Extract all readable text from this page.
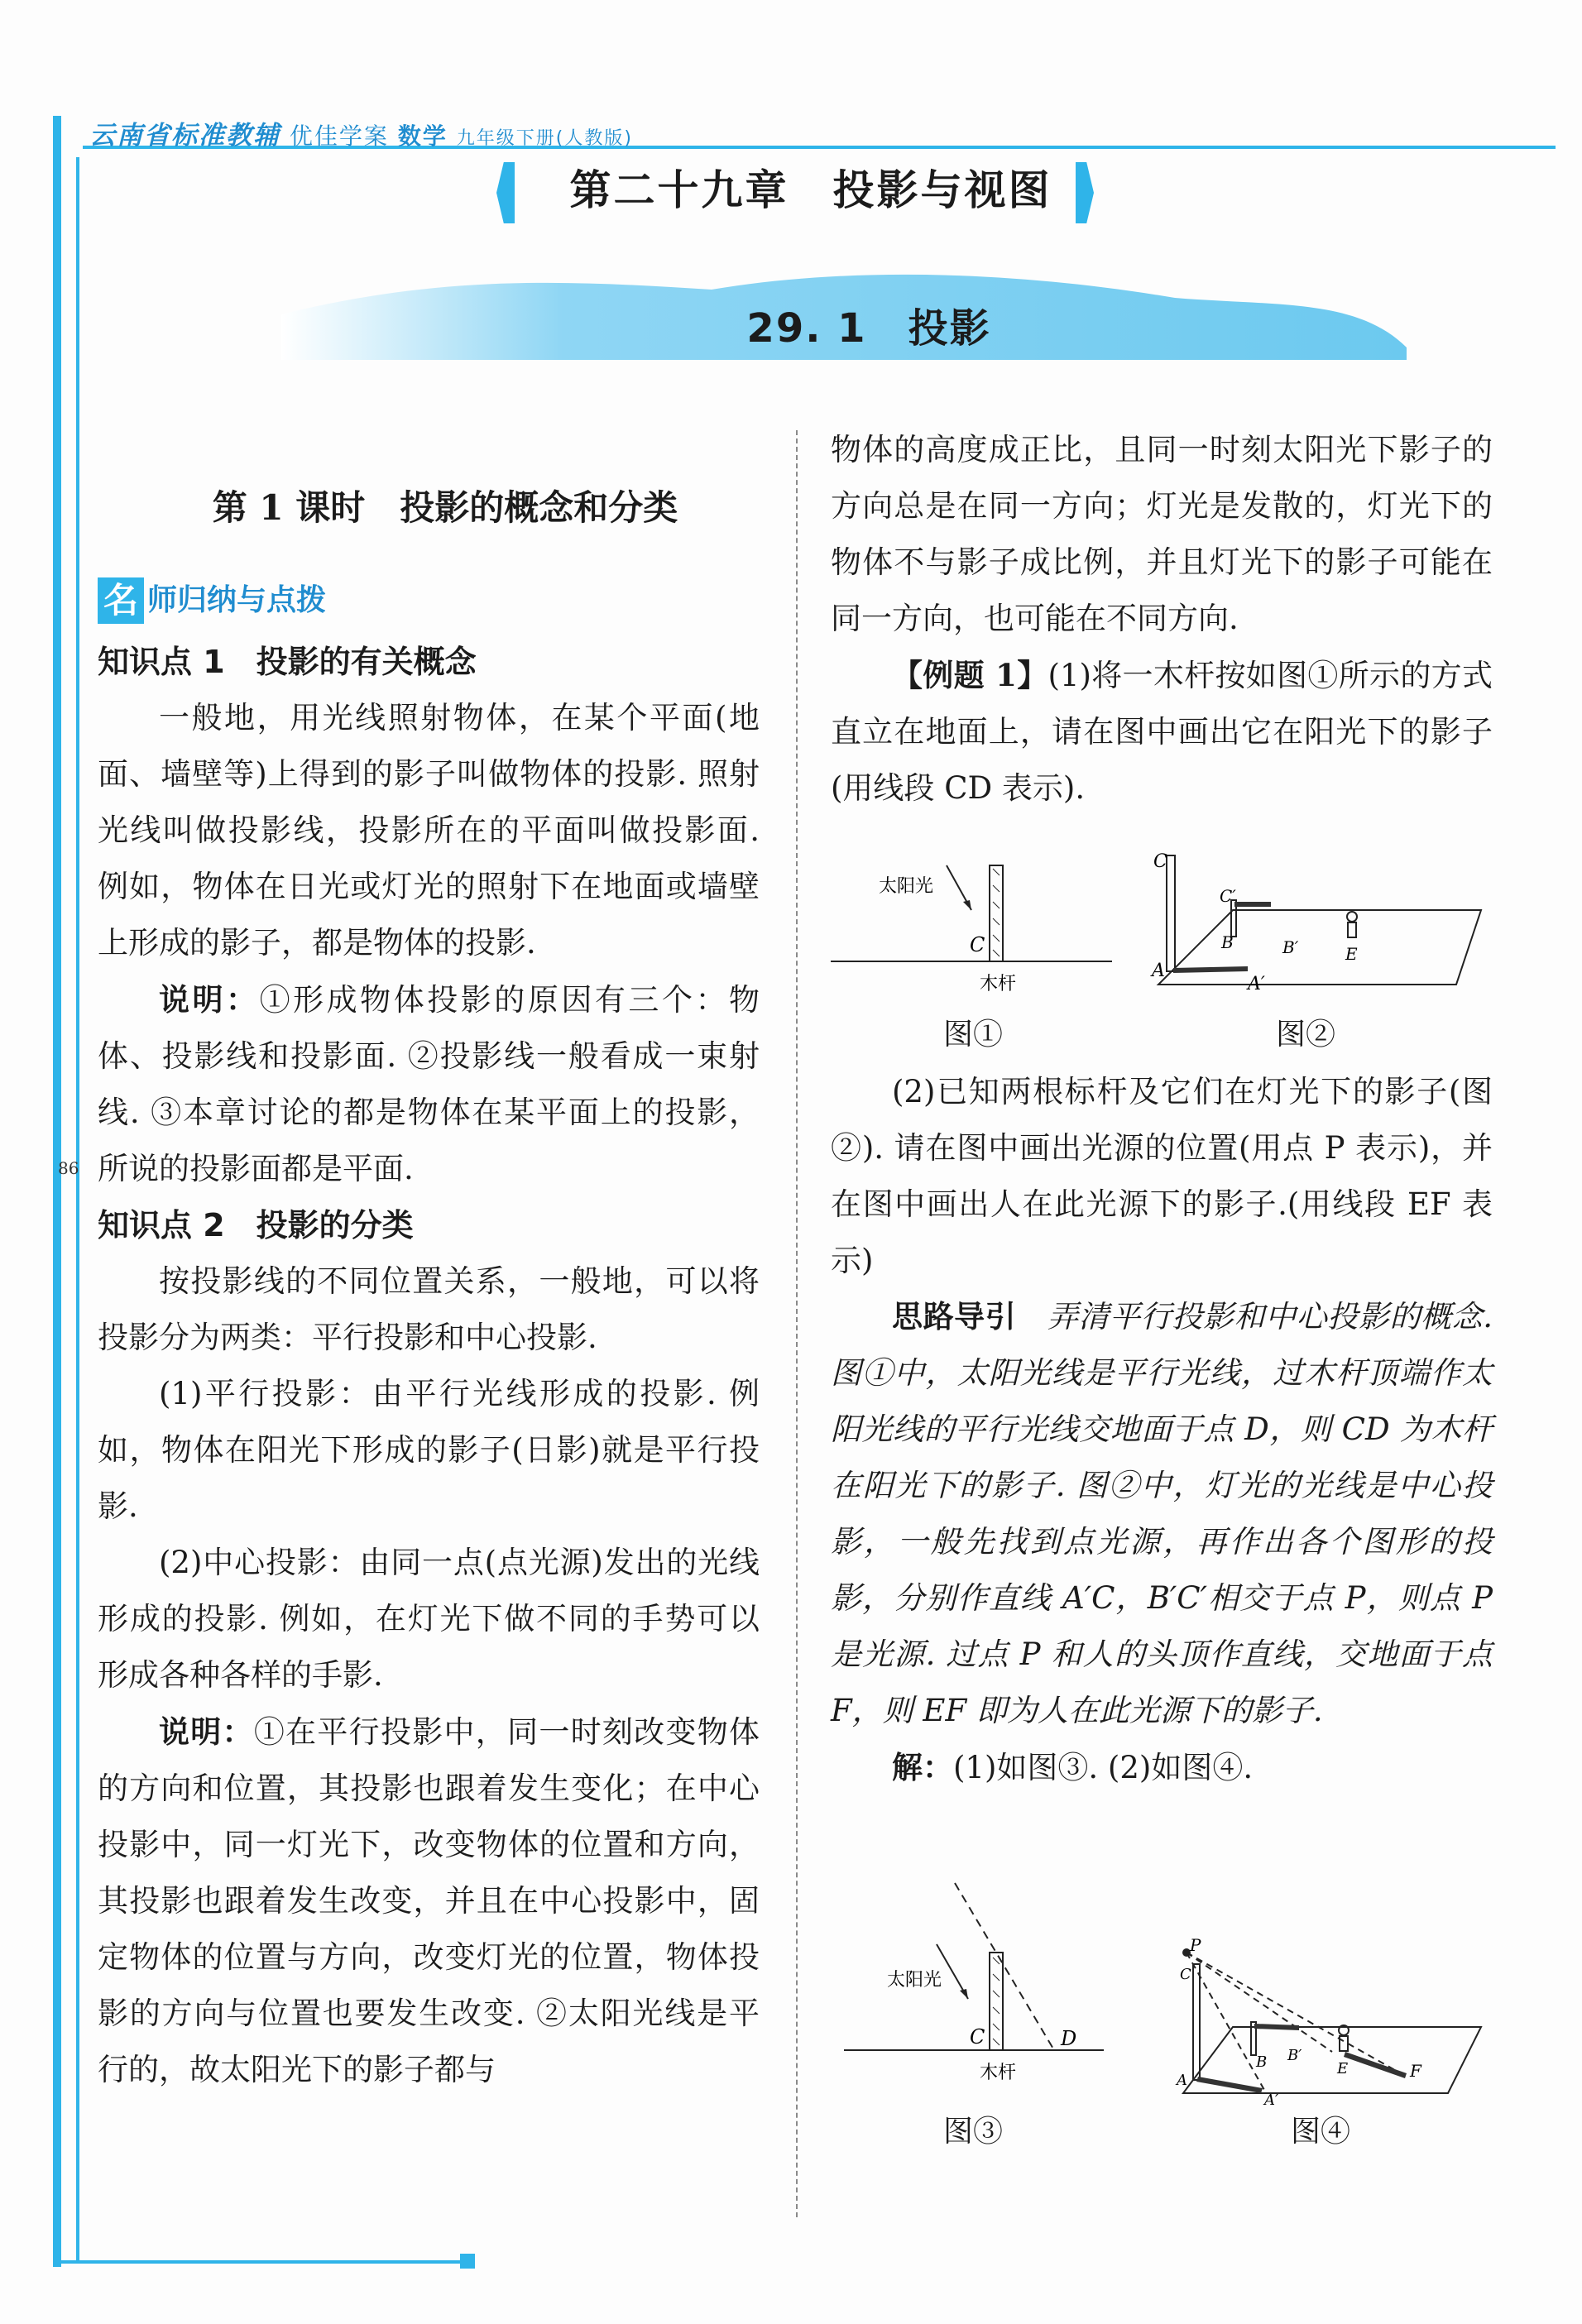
云南省标准教辅 优佳学案 数学 九年级下册(人教版)
第二十九章　投影与视图
29. 1　投影
86
第 1 课时　投影的概念和分类
名 师归纳与点拨
知识点 1　投影的有关概念

一般地，用光线照射物体，在某个平面(地面、墙壁等)上得到的影子叫做物体的投影. 照射光线叫做投影线，投影所在的平面叫做投影面. 例如，物体在日光或灯光的照射下在地面或墙壁上形成的影子，都是物体的投影.

说明：①形成物体投影的原因有三个：物体、投影线和投影面. ②投影线一般看成一束射线. ③本章讨论的都是物体在某平面上的投影，所说的投影面都是平面.

知识点 2　投影的分类

按投影线的不同位置关系，一般地，可以将投影分为两类：平行投影和中心投影.

(1)平行投影：由平行光线形成的投影. 例如，物体在阳光下形成的影子(日影)就是平行投影.

(2)中心投影：由同一点(点光源)发出的光线形成的投影. 例如，在灯光下做不同的手势可以形成各种各样的手影.

说明：①在平行投影中，同一时刻改变物体的方向和位置，其投影也跟着发生变化；在中心投影中，同一灯光下，改变物体的位置和方向，其投影也跟着发生改变，并且在中心投影中，固定物体的位置与方向，改变灯光的位置，物体投影的方向与位置也要发生改变. ②太阳光线是平行的，故太阳光下的影子都与

物体的高度成正比，且同一时刻太阳光下影子的方向总是在同一方向；灯光是发散的，灯光下的物体不与影子成比例，并且灯光下的影子可能在同一方向，也可能在不同方向.

【例题 1】(1)将一木杆按如图①所示的方式直立在地面上，请在图中画出它在阳光下的影子(用线段 CD 表示).

太阳光
C
木杆
图①
C
A
A′
C′
B	B′	E
图②

(2)已知两根标杆及它们在灯光下的影子(图②). 请在图中画出光源的位置(用点 P 表示)，并在图中画出人在此光源下的影子.(用线段 EF 表示)

思路导引　 弄清平行投影和中心投影的概念. 图①中，太阳光线是平行光线，过木杆顶端作太阳光线的平行光线交地面于点 D，则 CD 为木杆在阳光下的影子. 图②中，灯光的光线是中心投影，一般先找到点光源，再作出各个图形的投影，分别作直线 A′C，B′C′相交于点 P，则点 P 是光源. 过点 P 和人的头顶作直线，交地面于点 F，则 EF 即为人在此光源下的影子.

解：(1)如图③. (2)如图④.

太阳光
C	D
木杆
图③
P
C
A
A′
B B′
E	F
图④
